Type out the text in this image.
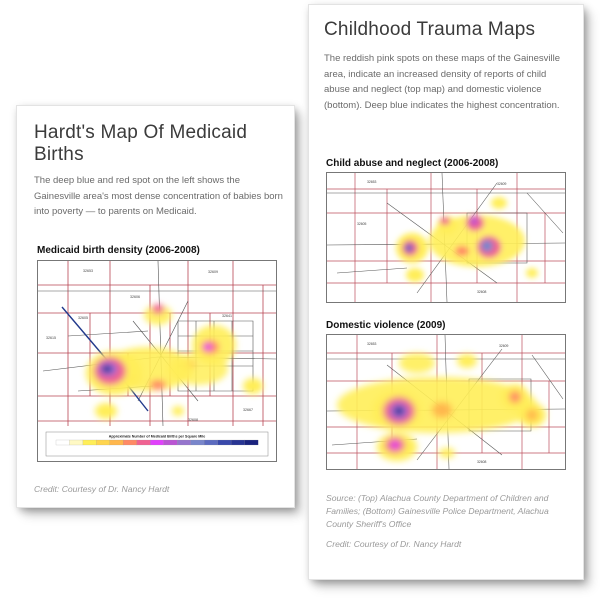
Hardt's Map Of Medicaid Births

The deep blue and red spot on the left shows the Gainesville area's most dense concentration of babies born into poverty — to parents on Medicaid.

Medicaid birth density (2006-2008)

32653	32609
32606
32605	32641
32615
32608
32667
Approximate Number of Medicaid Births per Square Mile

Credit: Courtesy of Dr. Nancy Hardt

Childhood Trauma Maps

The reddish pink spots on these maps of the Gainesville area, indicate an increased density of reports of child abuse and neglect (top map) and domestic violence (bottom). Deep blue indicates the highest concentration.

Child abuse and neglect (2006-2008)

32653	32609
32605
32608

Domestic violence (2009)

32653	32609
32608

Source: (Top) Alachua County Department of Children and Families; (Bottom) Gainesville Police Department, Alachua County Sheriff's Office

Credit: Courtesy of Dr. Nancy Hardt
